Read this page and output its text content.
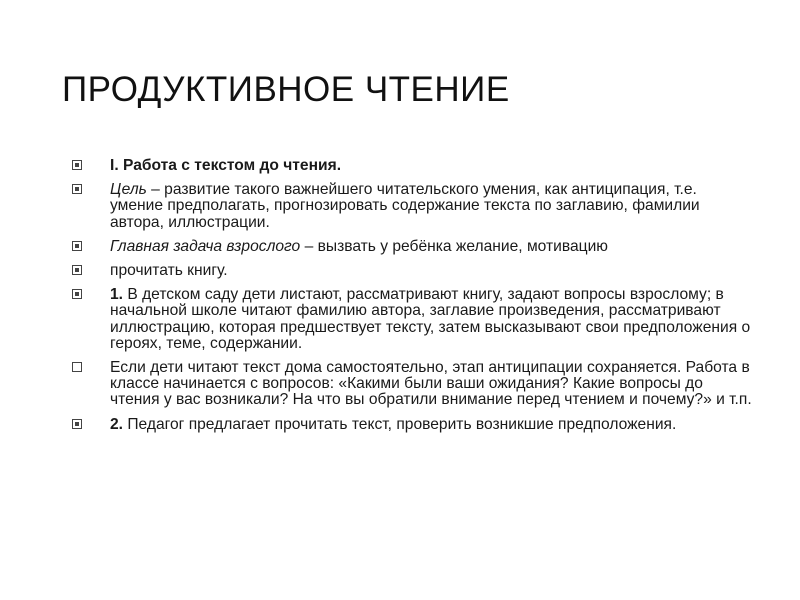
ПРОДУКТИВНОЕ ЧТЕНИЕ
I. Работа с текстом до чтения.
Цель – развитие такого важнейшего читательского умения, как антиципация, т.е. умение предполагать, прогнозировать содержание текста по заглавию, фамилии автора, иллюстрации.
Главная задача взрослого – вызвать у ребёнка желание, мотивацию
прочитать книгу.
1. В детском саду дети листают, рассматривают книгу, задают вопросы взрослому; в начальной школе читают фамилию автора, заглавие произведения, рассматривают иллюстрацию, которая предшествует тексту, затем высказывают свои предположения о героях, теме, содержании.
Если дети читают текст дома самостоятельно, этап антиципации сохраняется. Работа в классе начинается с вопросов: «Какими были ваши ожидания? Какие вопросы до чтения у вас возникали? На что вы обратили внимание перед чтением и почему?» и т.п.
2. Педагог предлагает прочитать текст, проверить возникшие предположения.
